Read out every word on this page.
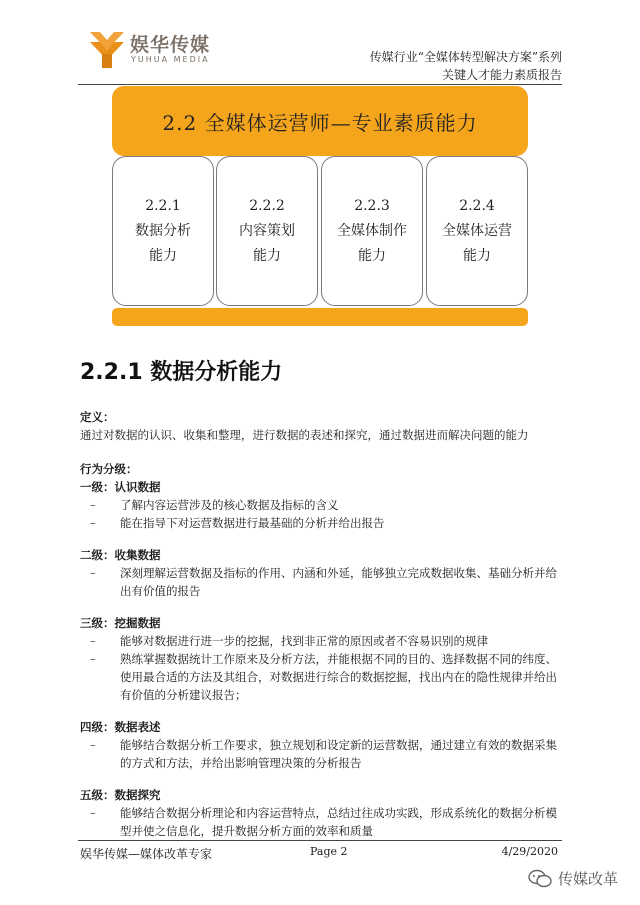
娱华传媒
YUHUA MEDIA	传媒行业“全媒体转型解决方案”系列
关键人才能力素质报告
2.2 全媒体运营师—专业素质能力
2.2.1
数据分析
能力
2.2.2
内容策划
能力
2.2.3
全媒体制作
能力
2.2.4
全媒体运营
能力
2.2.1 数据分析能力

定义：

通过对数据的认识、收集和整理，进行数据的表述和探究，通过数据进而解决问题的能力

行为分级：

一级：认识数据

– 了解内容运营涉及的核心数据及指标的含义
– 能在指导下对运营数据进行最基础的分析并给出报告

二级：收集数据

– 深刻理解运营数据及指标的作用、内涵和外延，能够独立完成数据收集、基础分析并给出有价值的报告

三级：挖掘数据

– 能够对数据进行进一步的挖掘，找到非正常的原因或者不容易识别的规律
– 熟练掌握数据统计工作原来及分析方法，并能根据不同的目的、选择数据不同的纬度、使用最合适的方法及其组合，对数据进行综合的数据挖掘，找出内在的隐性规律并给出有价值的分析建议报告；

四级：数据表述

– 能够结合数据分析工作要求，独立规划和设定新的运营数据，通过建立有效的数据采集的方式和方法，并给出影响管理决策的分析报告

五级：数据探究

– 能够结合数据分析理论和内容运营特点，总结过往成功实践，形成系统化的数据分析模型并使之信息化，提升数据分析方面的效率和质量
娱华传媒—媒体改革专家	Page 2	4/29/2020
传媒改革
